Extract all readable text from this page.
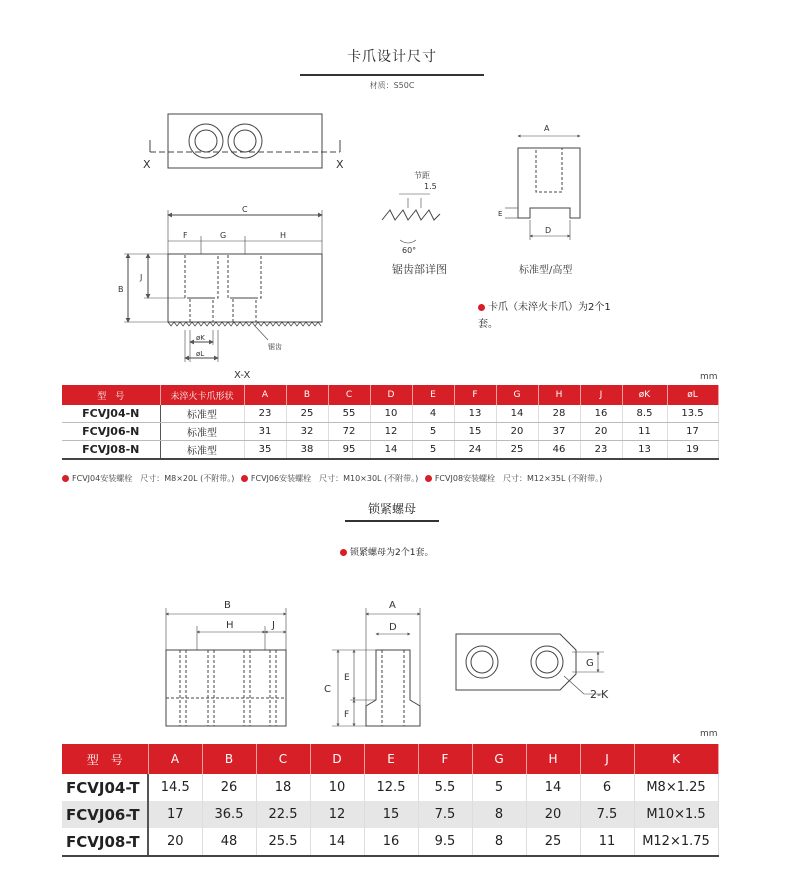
卡爪设计尺寸
材质：S50C
X	X
C
F	G	H
B
J
øK
øL
锯齿
X-X
节距
1.5
60°
锯齿部详图
A
D
E
标准型/高型
B
H	J
A
D
C
E
F
G
2-K
卡爪（未淬火卡爪）为2个1套。
mm
型　号	未淬火卡爪形状	A	B	C	D	E	F	G	H	J	øK	øL
FCVJ04-N	标准型	23	25	55	10	4	13	14	28	16	8.5	13.5
FCVJ06-N	标准型	31	32	72	12	5	15	20	37	20	11	17
FCVJ08-N	标准型	35	38	95	14	5	24	25	46	23	13	19
FCVJ04安装螺栓　尺寸：M8×20L (不附带。) FCVJ06安装螺栓　尺寸：M10×30L (不附带。) FCVJ08安装螺栓　尺寸：M12×35L (不附带。)
锁紧螺母
锁紧螺母为2个1套。
mm
型　号	A	B	C	D	E	F	G	H	J	K
FCVJ04-T	14.5	26	18	10	12.5	5.5	5	14	6	M8×1.25
FCVJ06-T	17	36.5	22.5	12	15	7.5	8	20	7.5	M10×1.5
FCVJ08-T	20	48	25.5	14	16	9.5	8	25	11	M12×1.75
